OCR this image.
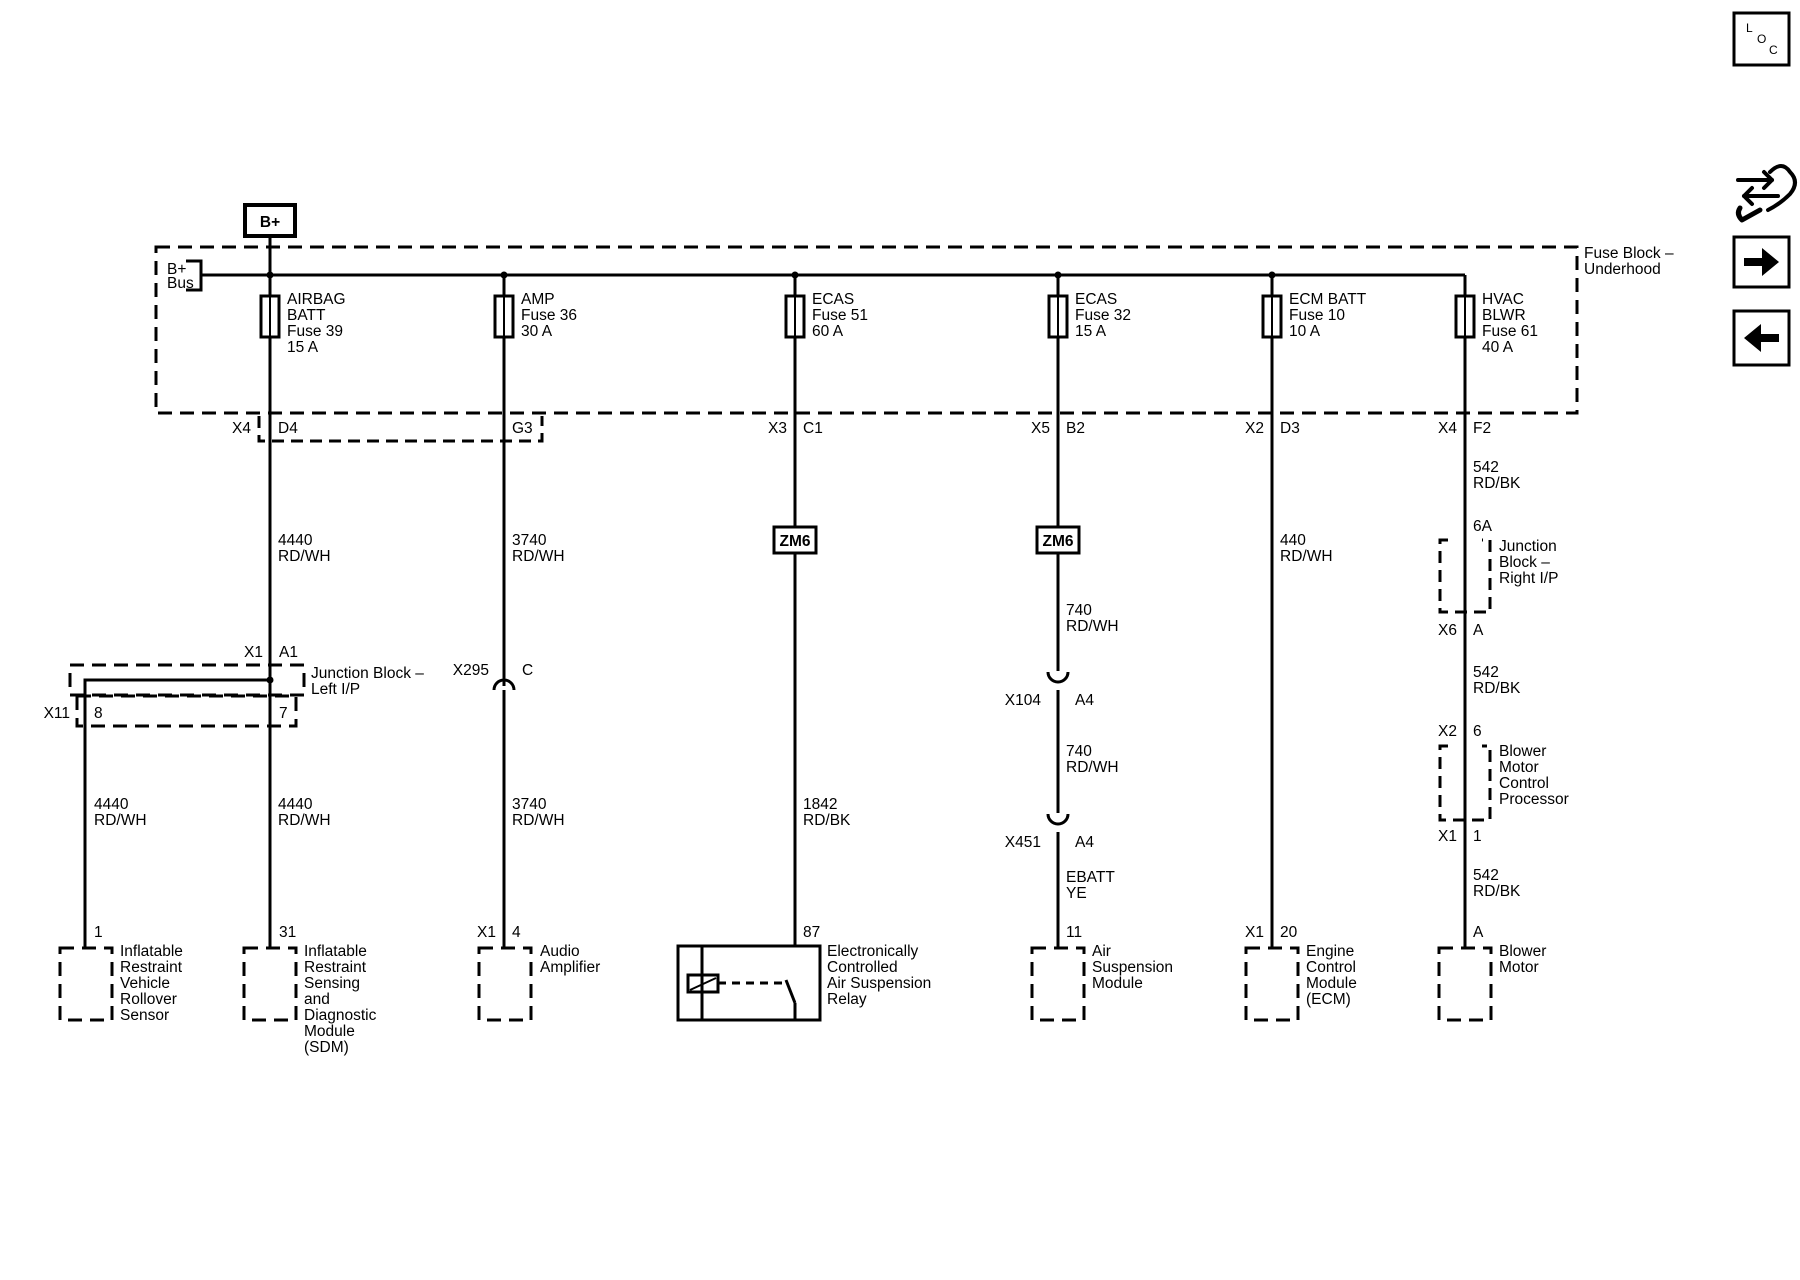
B+
B+
Bus
Fuse Block –
Underhood
AIRBAG
BATT
Fuse 39
15 A
AMP
Fuse 36
30 A
ECAS
Fuse 51
60 A
ECAS
Fuse 32
15 A
ECM BATT
Fuse 10
10 A
HVAC
BLWR
Fuse 61
40 A
X4 D4	G3	X3 C1	X5 B2	X2 D3	X4 F2
4440
RD/WH
3740
RD/WH
440
RD/WH
542
RD/BK
ZM6	ZM6
X1 A1
Junction Block –
Left I/P
X11 8	7
4440
RD/WH
4440
RD/WH
X295 C
3740
RD/WH
1842
RD/BK
740
RD/WH
X104 A4
740
RD/WH
X451 A4
EBATT
YE
6A
Junction
Block –
Right I/P
X6 A
542
RD/BK
X2 6
Blower
Motor
Control
Processor
X1 1
542
RD/BK
1
Inflatable
Restraint
Vehicle
Rollover
Sensor
31
Inflatable
Restraint
Sensing
and
Diagnostic
Module
(SDM)
X1 4
Audio
Amplifier
87
Electronically
Controlled
Air Suspension
Relay
11
Air
Suspension
Module
X1 20
Engine
Control
Module
(ECM)
A
Blower
Motor
L
O
C
